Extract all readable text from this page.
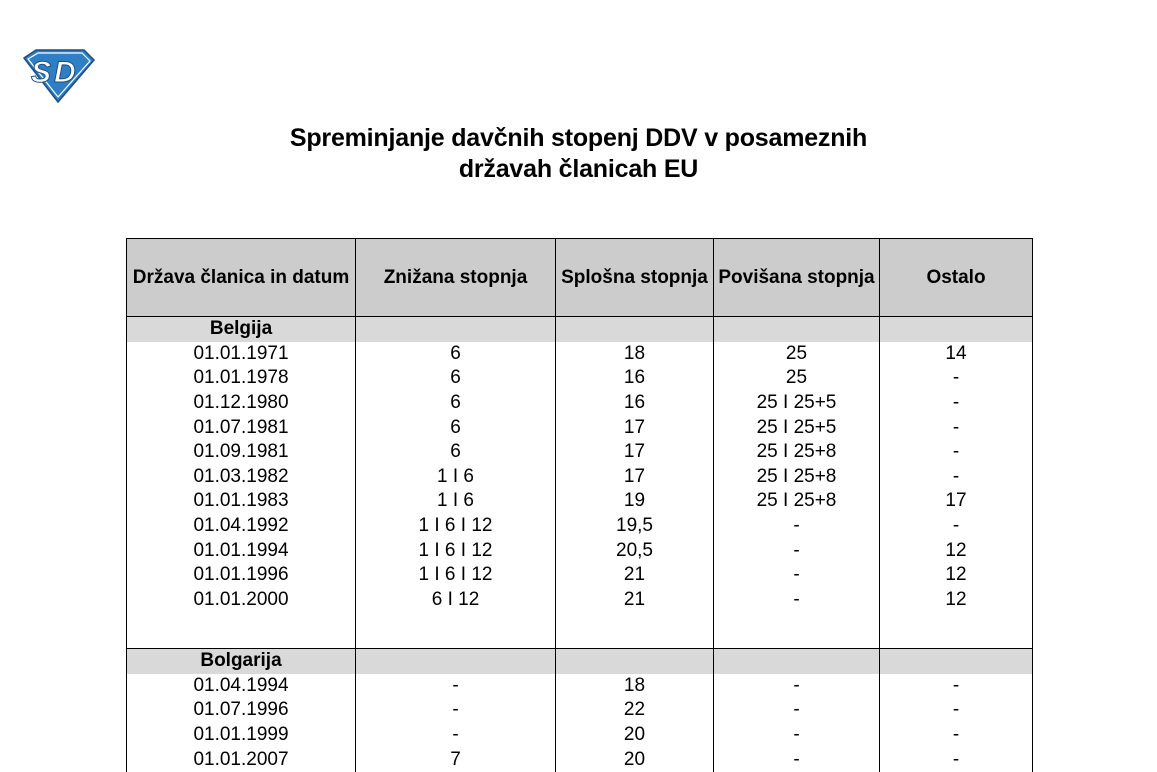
S D
Spreminjanje davčnih stopenj DDV v posameznih
državah članicah EU
Država članica in datum	Znižana stopnja	Splošna stopnja	Povišana stopnja	Ostalo
Belgija				
01.01.1971	6	18	25	14
01.01.1978	6	16	25	-
01.12.1980	6	16	25 I 25+5	-
01.07.1981	6	17	25 I 25+5	-
01.09.1981	6	17	25 I 25+8	-
01.03.1982	1 I 6	17	25 I 25+8	-
01.01.1983	1 I 6	19	25 I 25+8	17
01.04.1992	1 I 6 I 12	19,5	-	-
01.01.1994	1 I 6 I 12	20,5	-	12
01.01.1996	1 I 6 I 12	21	-	12
01.01.2000	6 I 12	21	-	12

Bolgarija				
01.04.1994	-	18	-	-
01.07.1996	-	22	-	-
01.01.1999	-	20	-	-
01.01.2007	7	20	-	-
